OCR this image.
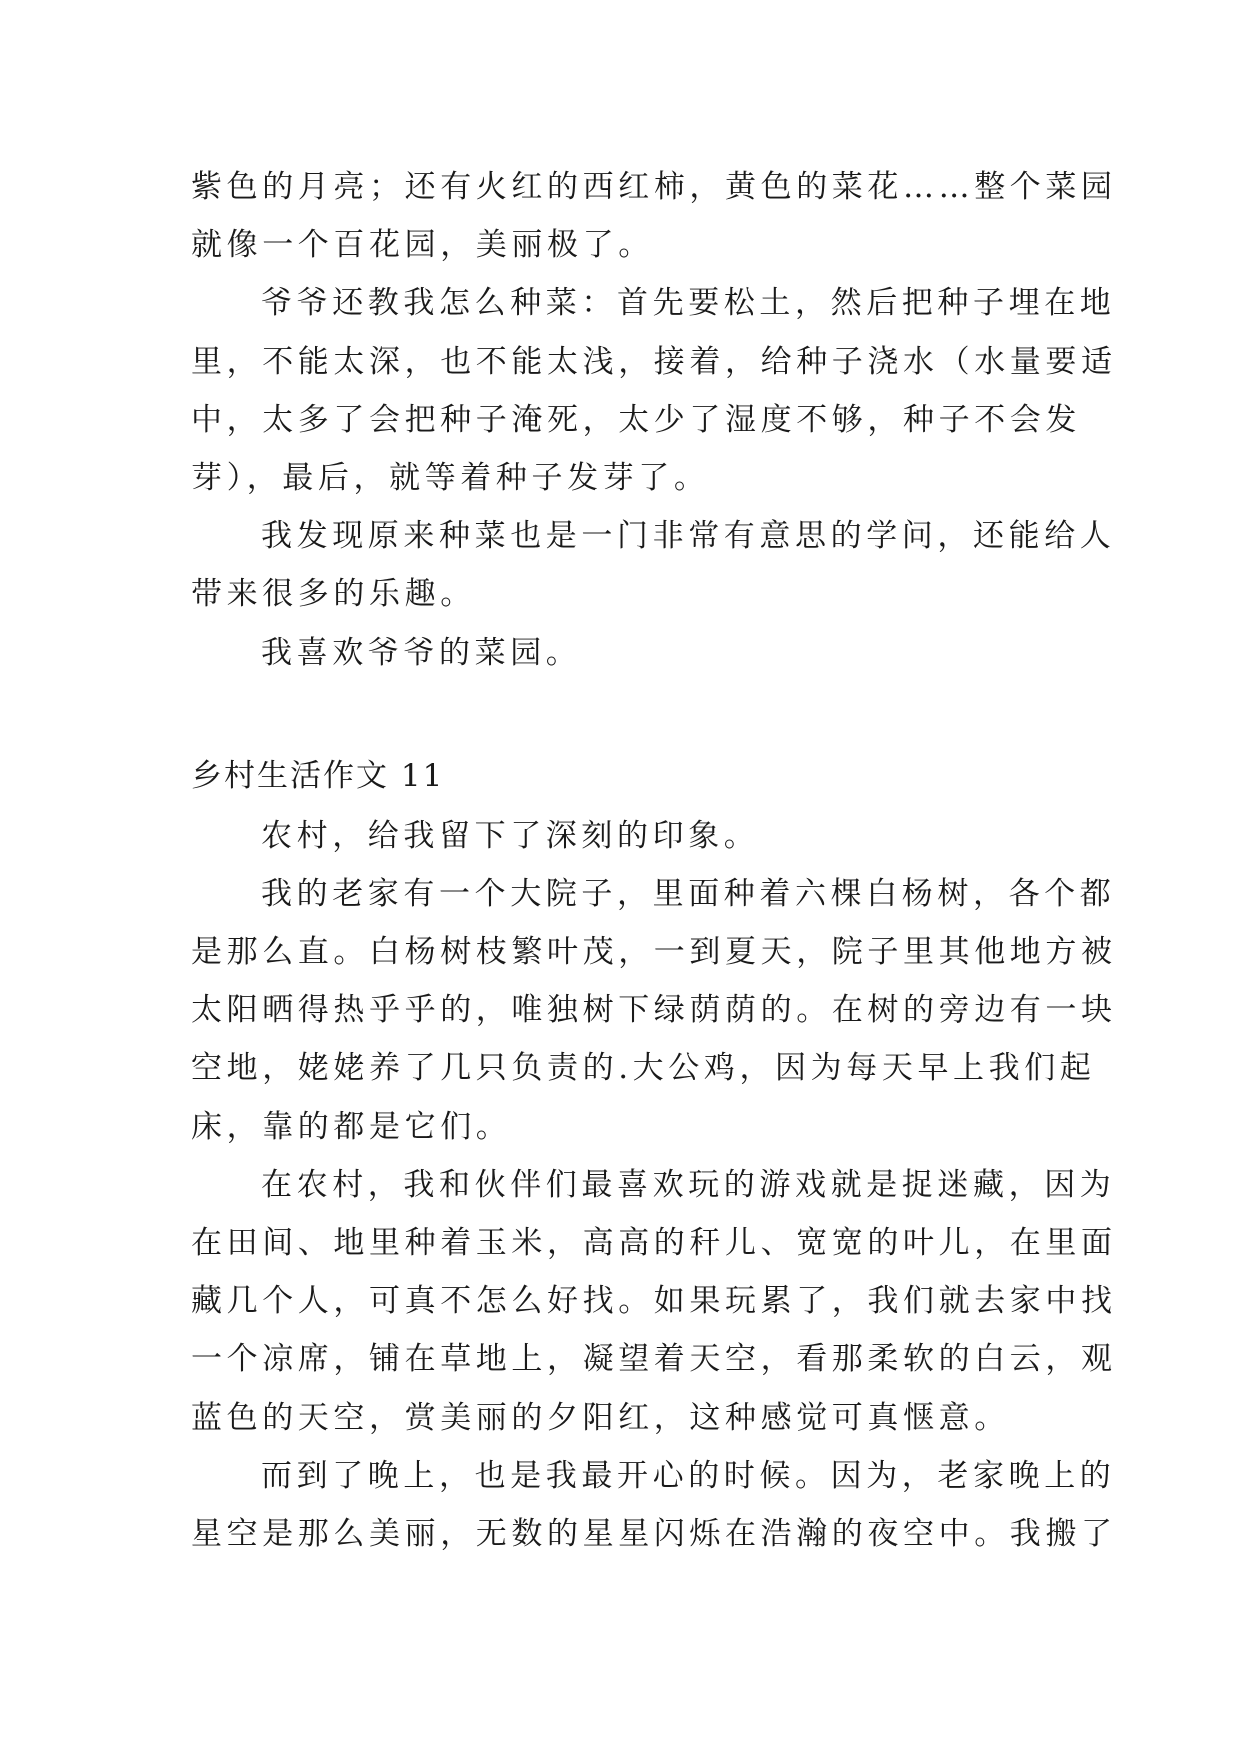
紫色的月亮；还有火红的西红柿，黄色的菜花……整个菜园
就像一个百花园，美丽极了。
爷爷还教我怎么种菜：首先要松土，然后把种子埋在地
里，不能太深，也不能太浅，接着，给种子浇水（水量要适
中，太多了会把种子淹死，太少了湿度不够，种子不会发
芽），最后，就等着种子发芽了。
我发现原来种菜也是一门非常有意思的学问，还能给人
带来很多的乐趣。
我喜欢爷爷的菜园。
乡村生活作文 11
农村，给我留下了深刻的印象。
我的老家有一个大院子，里面种着六棵白杨树，各个都
是那么直。白杨树枝繁叶茂，一到夏天，院子里其他地方被
太阳晒得热乎乎的，唯独树下绿荫荫的。在树的旁边有一块
空地，姥姥养了几只负责的.大公鸡，因为每天早上我们起
床，靠的都是它们。
在农村，我和伙伴们最喜欢玩的游戏就是捉迷藏，因为
在田间、地里种着玉米，高高的秆儿、宽宽的叶儿，在里面
藏几个人，可真不怎么好找。如果玩累了，我们就去家中找
一个凉席，铺在草地上，凝望着天空，看那柔软的白云，观
蓝色的天空，赏美丽的夕阳红，这种感觉可真惬意。
而到了晚上，也是我最开心的时候。因为，老家晚上的
星空是那么美丽，无数的星星闪烁在浩瀚的夜空中。我搬了
